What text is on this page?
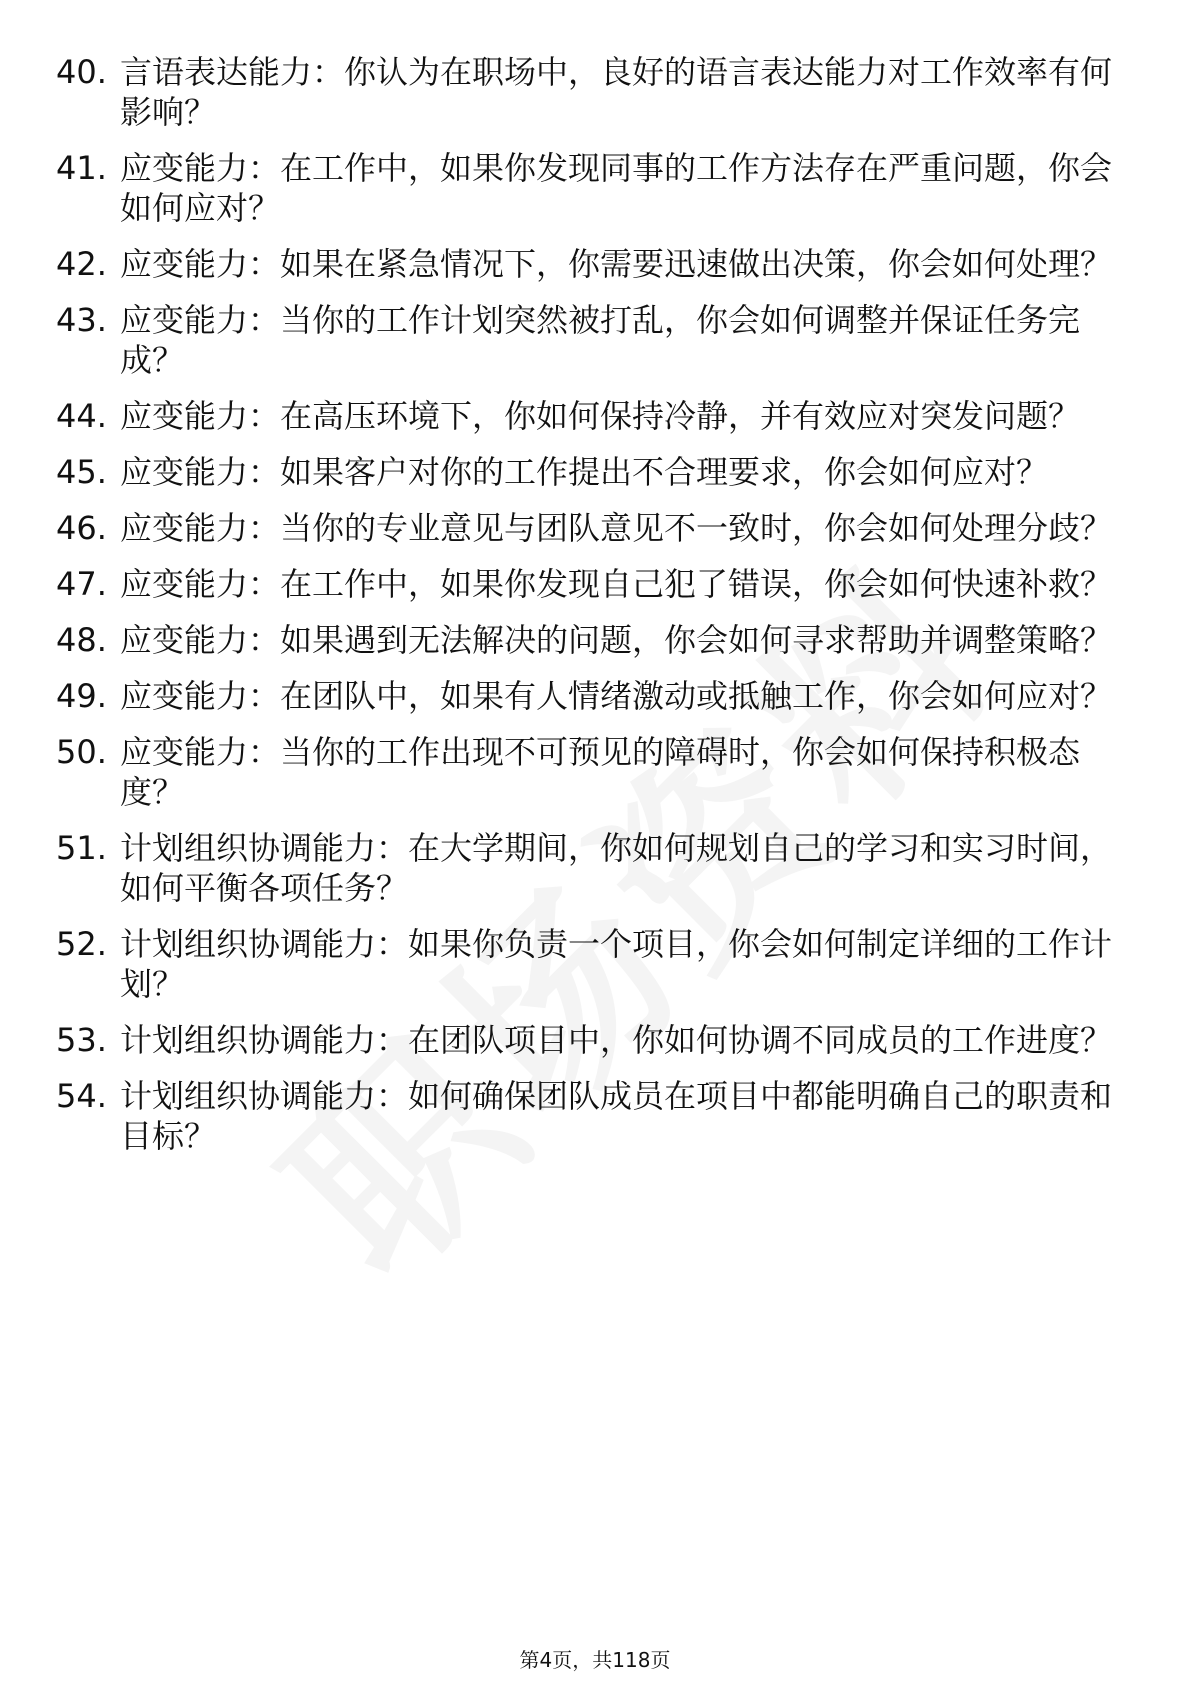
40. 言语表达能力：你认为在职场中，良好的语言表达能力对工作效率有何影响？
41. 应变能力：在工作中，如果你发现同事的工作方法存在严重问题，你会如何应对？
42. 应变能力：如果在紧急情况下，你需要迅速做出决策，你会如何处理？
43. 应变能力：当你的工作计划突然被打乱，你会如何调整并保证任务完成？
44. 应变能力：在高压环境下，你如何保持冷静，并有效应对突发问题？
45. 应变能力：如果客户对你的工作提出不合理要求，你会如何应对？
46. 应变能力：当你的专业意见与团队意见不一致时，你会如何处理分歧？
47. 应变能力：在工作中，如果你发现自己犯了错误，你会如何快速补救？
48. 应变能力：如果遇到无法解决的问题，你会如何寻求帮助并调整策略？
49. 应变能力：在团队中，如果有人情绪激动或抵触工作，你会如何应对？
50. 应变能力：当你的工作出现不可预见的障碍时，你会如何保持积极态度？
51. 计划组织协调能力：在大学期间，你如何规划自己的学习和实习时间，如何平衡各项任务？
52. 计划组织协调能力：如果你负责一个项目，你会如何制定详细的工作计划？
53. 计划组织协调能力：在团队项目中，你如何协调不同成员的工作进度？
54. 计划组织协调能力：如何确保团队成员在项目中都能明确自己的职责和目标？
第4页，共118页
